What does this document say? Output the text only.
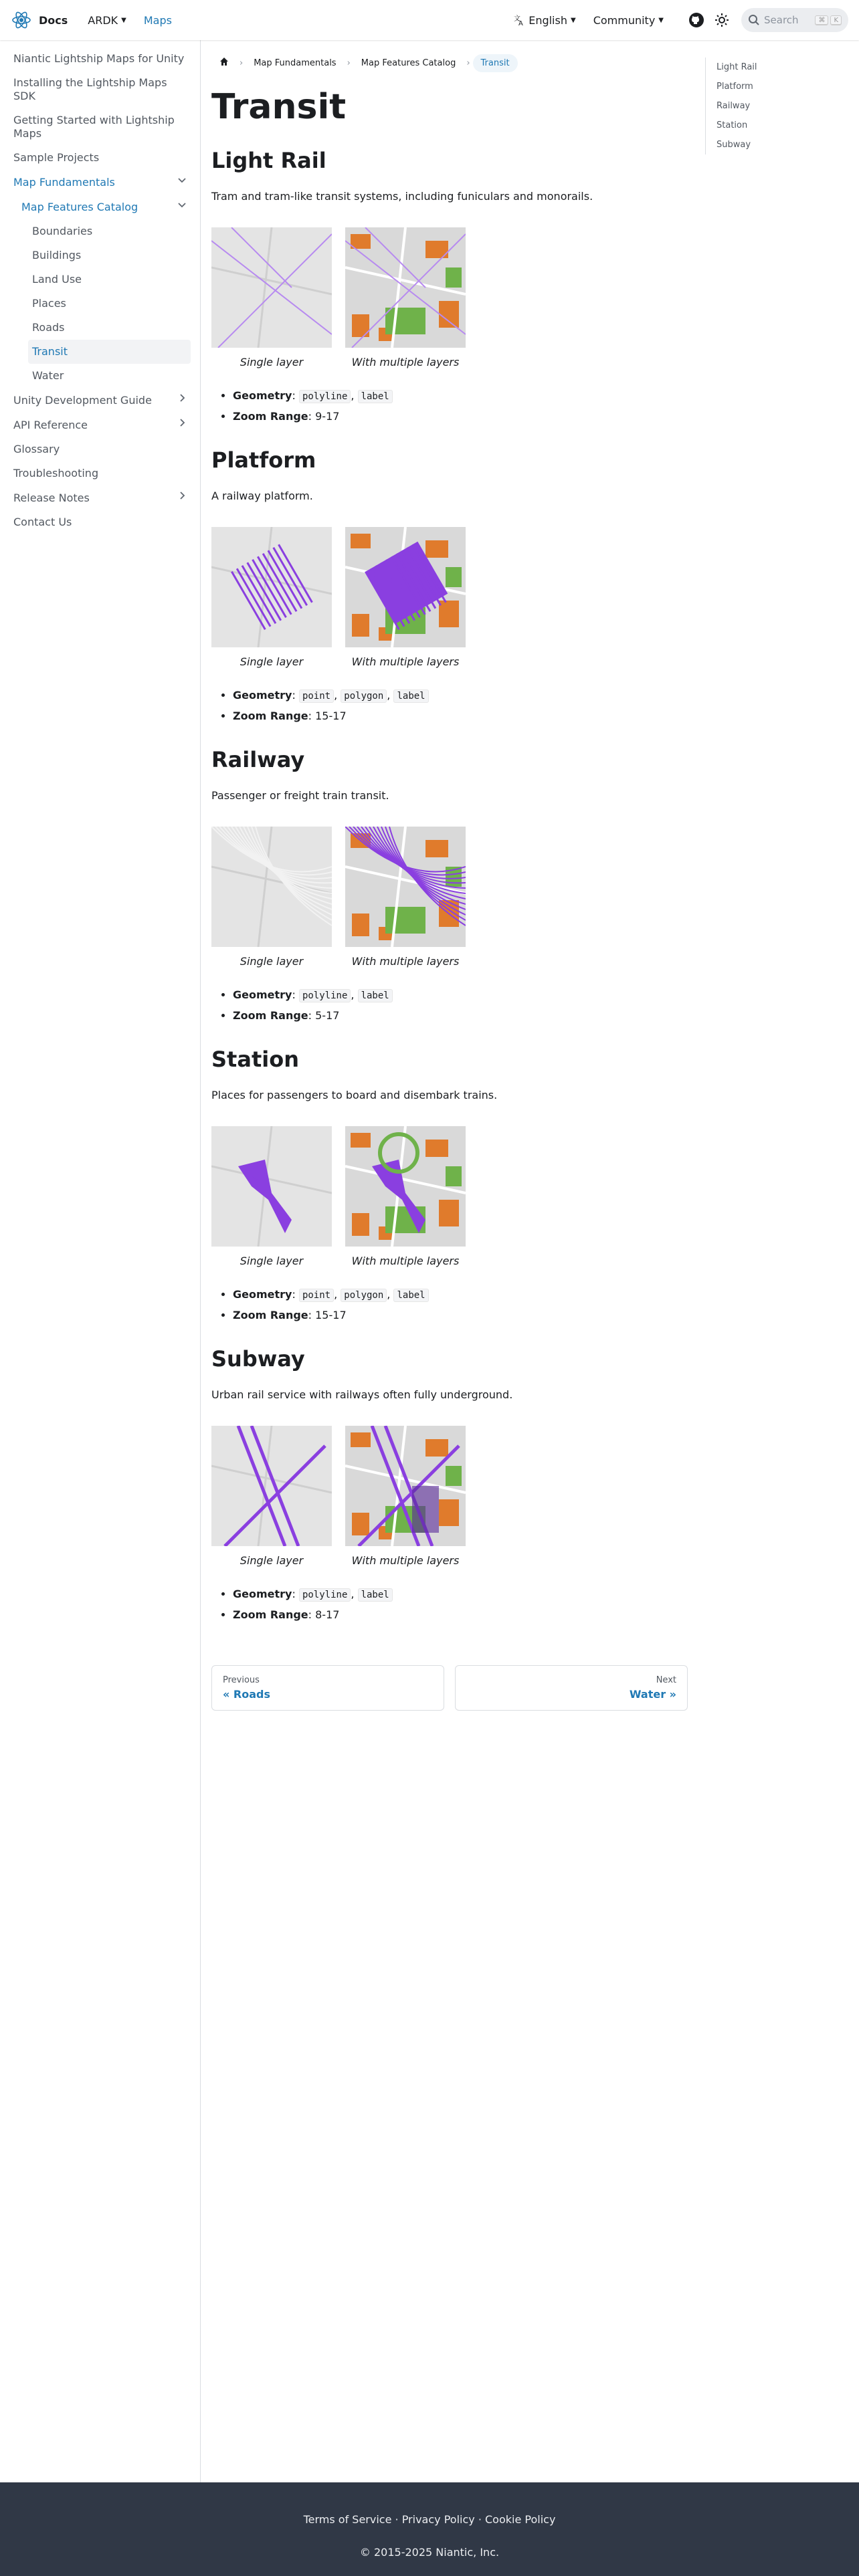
Docs ARDK ▼ Maps	文
A English ▼ Community ▼	Search	⌘	K
Niantic Lightship Maps for Unity
Installing the Lightship Maps SDK
Getting Started with Lightship Maps
Sample Projects
Map Fundamentals
Map Features Catalog
Boundaries
Buildings
Land Use
Places
Roads
Transit
Water
Unity Development Guide
API Reference
Glossary
Troubleshooting
Release Notes
Contact Us
›	Map Fundamentals	›	Map Features Catalog	›	Transit
Transit
Light Rail

Tram and tram-like transit systems, including funiculars and monorails.

Single layer	With multiple layers
• Geometry: polyline , label
• Zoom Range: 9-17
Platform

A railway platform.

Single layer	With multiple layers
• Geometry: point , polygon , label
• Zoom Range: 15-17
Railway

Passenger or freight train transit.

Single layer	With multiple layers
• Geometry: polyline , label
• Zoom Range: 5-17
Station

Places for passengers to board and disembark trains.

Single layer	With multiple layers
• Geometry: point , polygon , label
• Zoom Range: 15-17
Subway

Urban rail service with railways often fully underground.

Single layer	With multiple layers
• Geometry: polyline , label
• Zoom Range: 8-17
Previous
« Roads
Next
Water »
Light Rail
Platform
Railway
Station
Subway
Terms of Service · Privacy Policy · Cookie Policy
© 2015-2025 Niantic, Inc.
